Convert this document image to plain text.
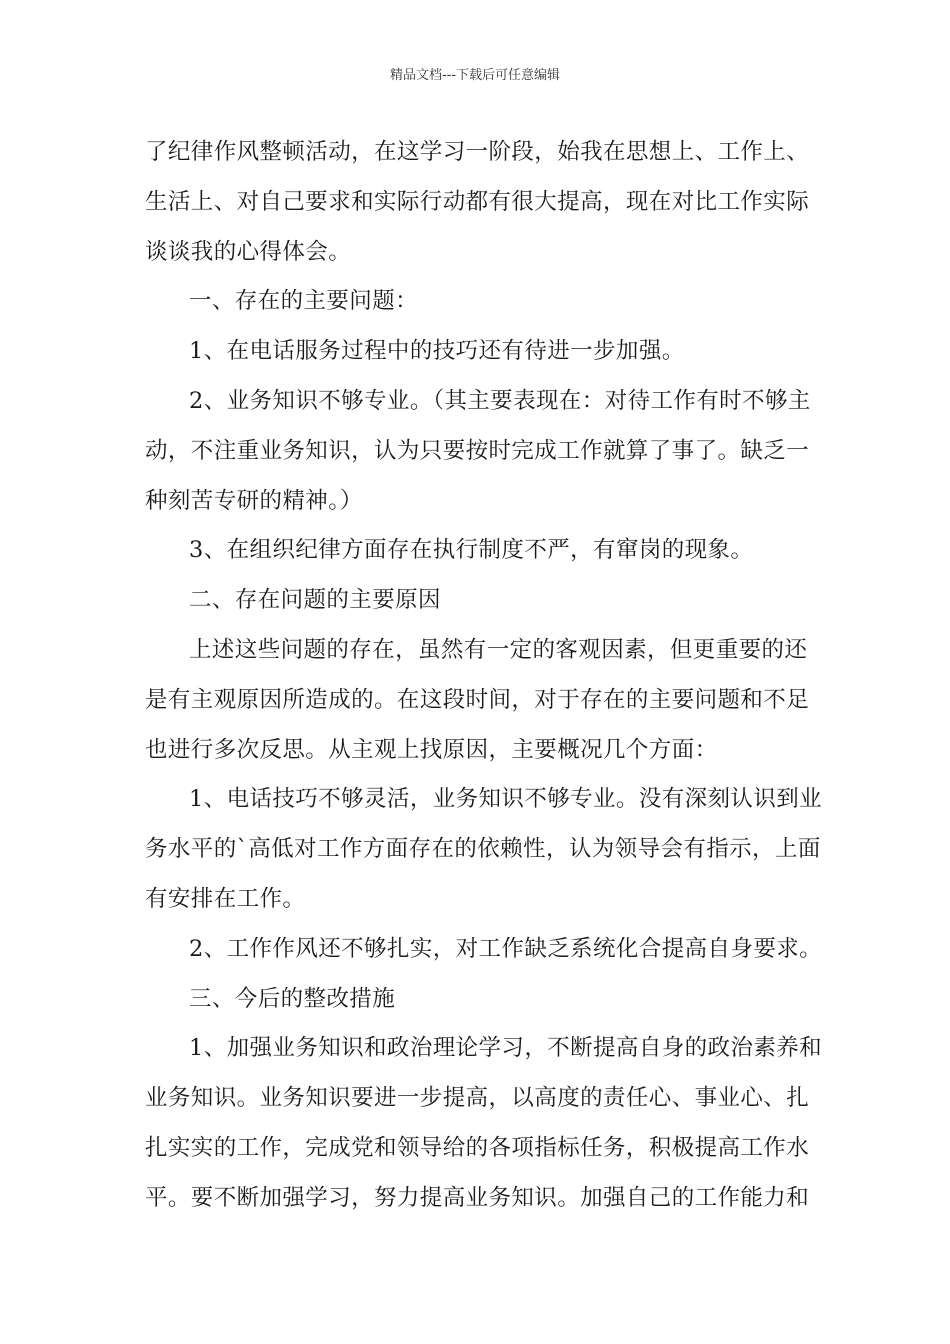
精品文档---下载后可任意编辑
了纪律作风整顿活动，在这学习一阶段，始我在思想上、工作上、
生活上、对自己要求和实际行动都有很大提高，现在对比工作实际
谈谈我的心得体会。
一、存在的主要问题：
1、在电话服务过程中的技巧还有待进一步加强。
2、业务知识不够专业。（其主要表现在：对待工作有时不够主
动，不注重业务知识，认为只要按时完成工作就算了事了。缺乏一
种刻苦专研的精神。）
3、在组织纪律方面存在执行制度不严，有窜岗的现象。
二、存在问题的主要原因
上述这些问题的存在，虽然有一定的客观因素，但更重要的还
是有主观原因所造成的。在这段时间，对于存在的主要问题和不足
也进行多次反思。从主观上找原因，主要概况几个方面：
1、电话技巧不够灵活，业务知识不够专业。没有深刻认识到业
务水平的`高低对工作方面存在的依赖性，认为领导会有指示，上面
有安排在工作。
2、工作作风还不够扎实，对工作缺乏系统化合提高自身要求。
三、今后的整改措施
1、加强业务知识和政治理论学习，不断提高自身的政治素养和
业务知识。业务知识要进一步提高，以高度的责任心、事业心、扎
扎实实的工作，完成党和领导给的各项指标任务，积极提高工作水
平。要不断加强学习，努力提高业务知识。加强自己的工作能力和
